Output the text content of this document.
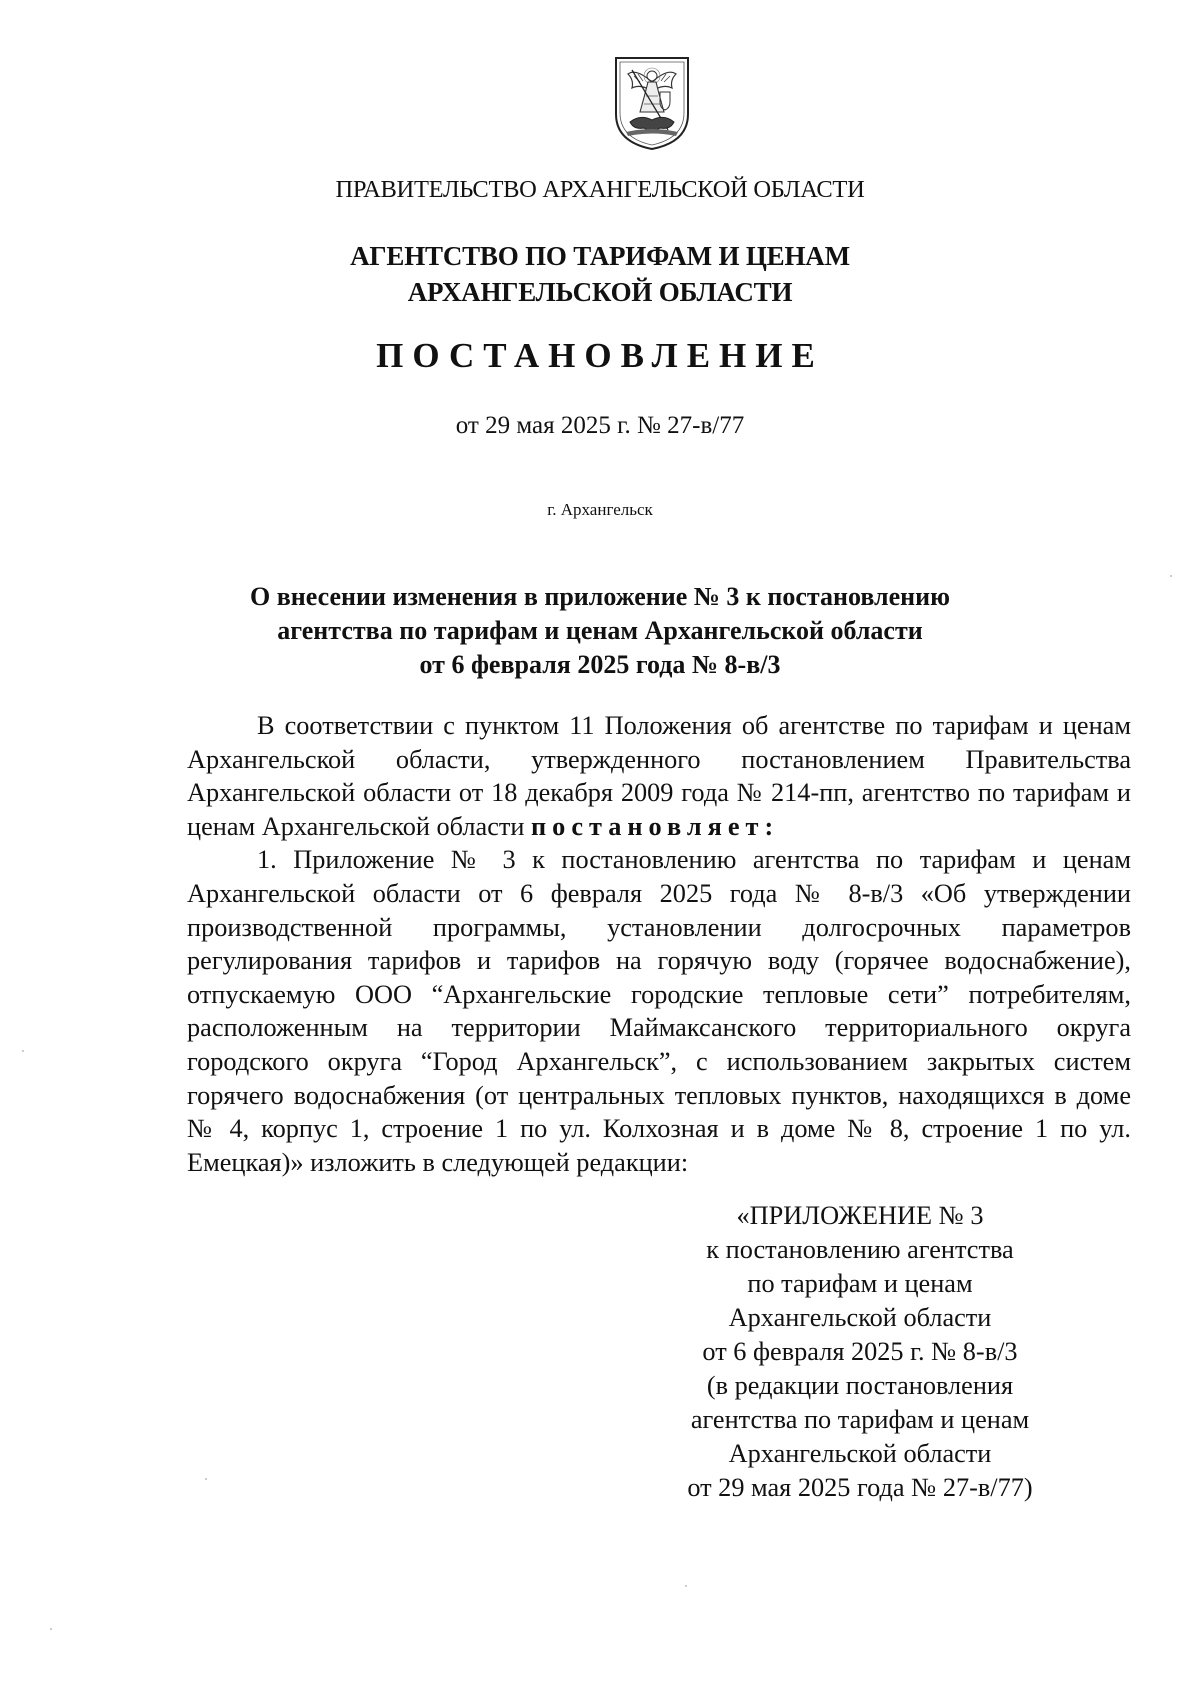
ПРАВИТЕЛЬСТВО АРХАНГЕЛЬСКОЙ ОБЛАСТИ
АГЕНТСТВО ПО ТАРИФАМ И ЦЕНАМ
АРХАНГЕЛЬСКОЙ ОБЛАСТИ
ПОСТАНОВЛЕНИЕ
от 29 мая 2025 г. № 27-в/77
г. Архангельск
О внесении изменения в приложение № 3 к постановлению
агентства по тарифам и ценам Архангельской области
от 6 февраля 2025 года № 8-в/3

В соответствии с пунктом 11 Положения об агентстве по тарифам и ценам Архангельской области, утвержденного постановлением Правительства Архангельской области от 18 декабря 2009 года № 214-пп, агентство по тарифам и ценам Архангельской области постановляет:

1. Приложение № 3 к постановлению агентства по тарифам и ценам Архангельской области от 6 февраля 2025 года № 8-в/3 «Об утверждении производственной программы, установлении долгосрочных параметров регулирования тарифов и тарифов на горячую воду (горячее водоснабжение), отпускаемую ООО “Архангельские городские тепловые сети” потребителям, расположенным на территории Маймаксанского территориального округа городского округа “Город Архангельск”, с использованием закрытых систем горячего водоснабжения (от центральных тепловых пунктов, находящихся в доме № 4, корпус 1, строение 1 по ул. Колхозная и в доме № 8, строение 1 по ул. Емецкая)» изложить в следующей редакции:

«ПРИЛОЖЕНИЕ № 3
к постановлению агентства
по тарифам и ценам
Архангельской области
от 6 февраля 2025 г. № 8-в/3
(в редакции постановления
агентства по тарифам и ценам
Архангельской области
от 29 мая 2025 года № 27-в/77)
